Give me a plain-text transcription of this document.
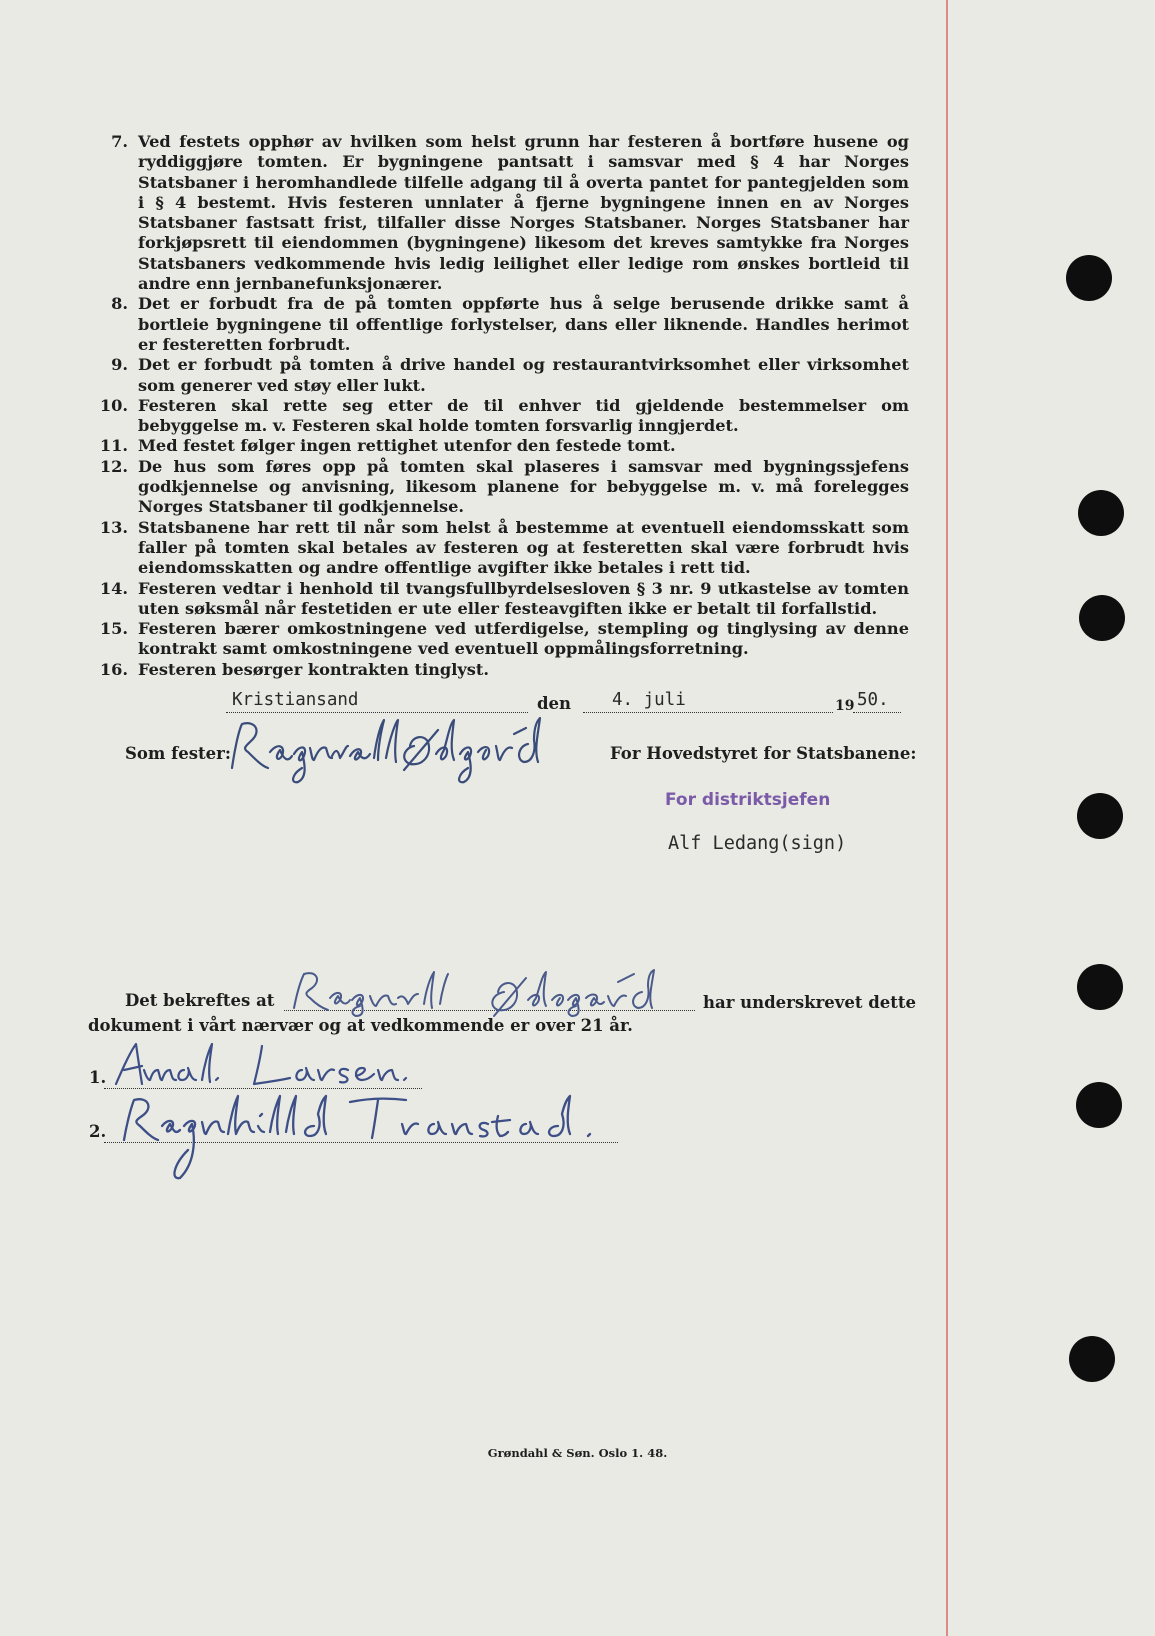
7. Ved festets opphør av hvilken som helst grunn har festeren å bortføre husene og ryddiggjøre tomten. Er bygningene pantsatt i samsvar med § 4 har Norges Statsbaner i heromhandlede tilfelle adgang til å overta pantet for pantegjelden som i § 4 bestemt. Hvis festeren unnlater å fjerne bygningene innen en av Norges Statsbaner fastsatt frist, tilfaller disse Norges Statsbaner. Norges Statsbaner har forkjøpsrett til eiendommen (bygningene) likesom det kreves samtykke fra Norges Statsbaners vedkommende hvis ledig leilighet eller ledige rom ønskes bortleid til andre enn jernbanefunksjonærer.
8. Det er forbudt fra de på tomten oppførte hus å selge berusende drikke samt å bortleie bygningene til offentlige forlystelser, dans eller liknende. Handles herimot er festeretten forbrudt.
9. Det er forbudt på tomten å drive handel og restaurantvirksomhet eller virksomhet som generer ved støy eller lukt.
10. Festeren skal rette seg etter de til enhver tid gjeldende bestemmelser om bebyggelse m. v. Festeren skal holde tomten forsvarlig inngjerdet.
11. Med festet følger ingen rettighet utenfor den festede tomt.
12. De hus som føres opp på tomten skal plaseres i samsvar med bygningssjefens godkjennelse og anvisning, likesom planene for bebyggelse m. v. må forelegges Norges Statsbaner til godkjennelse.
13. Statsbanene har rett til når som helst å bestemme at eventuell eiendomsskatt som faller på tomten skal betales av festeren og at festeretten skal være forbrudt hvis eiendomsskatten og andre offentlige avgifter ikke betales i rett tid.
14. Festeren vedtar i henhold til tvangsfullbyrdelsesloven § 3 nr. 9 utkastelse av tomten uten søksmål når festetiden er ute eller festeavgiften ikke er betalt til forfallstid.
15. Festeren bærer omkostningene ved utferdigelse, stempling og tinglysing av denne kontrakt samt omkostningene ved eventuell oppmålingsforretning.
16. Festeren besørger kontrakten tinglyst.
Kristiansand	den 4. juli	19 50.
Som fester:	For Hovedstyret for Statsbanene:
For distriktsjefen
Alf Ledang(sign)
Det bekreftes at	har underskrevet dette
dokument i vårt nærvær og at vedkommende er over 21 år.
1.
2.
Grøndahl & Søn. Oslo 1. 48.
